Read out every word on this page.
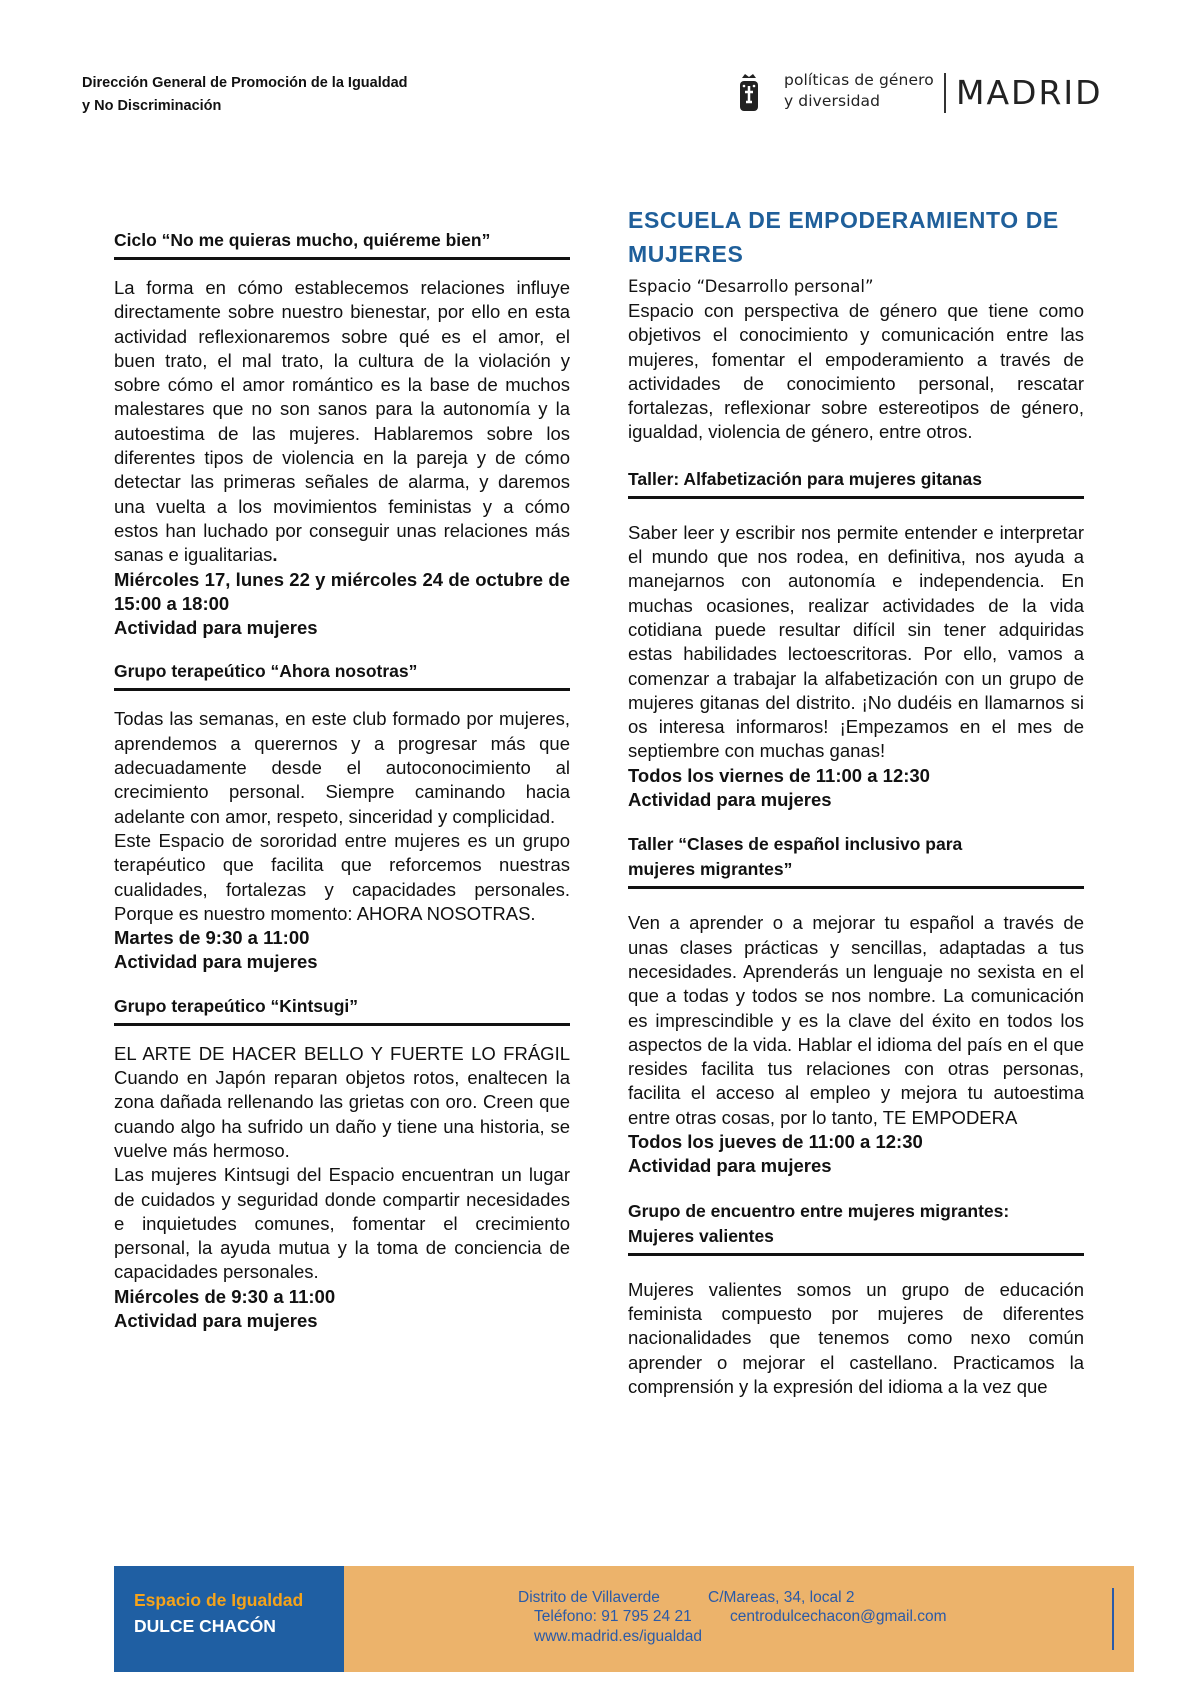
Dirección General de Promoción de la Igualdad
y No Discriminación
políticas de género
y diversidad	MADRID

Ciclo “No me quieras mucho, quiéreme bien”

La forma en cómo establecemos relaciones influye directamente sobre nuestro bienestar, por ello en esta actividad reflexionaremos sobre qué es el amor, el buen trato, el mal trato, la cultura de la violación y sobre cómo el amor romántico es la base de muchos malestares que no son sanos para la autonomía y la autoestima de las mujeres. Hablaremos sobre los diferentes tipos de violencia en la pareja y de cómo detectar las primeras señales de alarma, y daremos una vuelta a los movimientos feministas y a cómo estos han luchado por conseguir unas relaciones más sanas e igualitarias.

Miércoles 17, lunes 22 y miércoles 24 de octubre de 15:00 a 18:00

Actividad para mujeres

Grupo terapeútico “Ahora nosotras”

Todas las semanas, en este club formado por mujeres, aprendemos a querernos y a progresar más que adecuadamente desde el autoconocimiento al crecimiento personal. Siempre caminando hacia adelante con amor, respeto, sinceridad y complicidad.

Este Espacio de sororidad entre mujeres es un grupo terapéutico que facilita que reforcemos nuestras cualidades, fortalezas y capacidades personales. Porque es nuestro momento: AHORA NOSOTRAS.

Martes de 9:30 a 11:00

Actividad para mujeres

Grupo terapeútico “Kintsugi”

EL ARTE DE HACER BELLO Y FUERTE LO FRÁGIL Cuando en Japón reparan objetos rotos, enaltecen la zona dañada rellenando las grietas con oro. Creen que cuando algo ha sufrido un daño y tiene una historia, se vuelve más hermoso.

Las mujeres Kintsugi del Espacio encuentran un lugar de cuidados y seguridad donde compartir necesidades e inquietudes comunes, fomentar el crecimiento personal, la ayuda mutua y la toma de conciencia de capacidades personales.

Miércoles de 9:30 a 11:00

Actividad para mujeres

ESCUELA DE EMPODERAMIENTO DE MUJERES

Espacio “Desarrollo personal”

Espacio con perspectiva de género que tiene como objetivos el conocimiento y comunicación entre las mujeres, fomentar el empoderamiento a través de actividades de conocimiento personal, rescatar fortalezas, reflexionar sobre estereotipos de género, igualdad, violencia de género, entre otros.

Taller: Alfabetización para mujeres gitanas

Saber leer y escribir nos permite entender e interpretar el mundo que nos rodea, en definitiva, nos ayuda a manejarnos con autonomía e independencia. En muchas ocasiones, realizar actividades de la vida cotidiana puede resultar difícil sin tener adquiridas estas habilidades lectoescritoras. Por ello, vamos a comenzar a trabajar la alfabetización con un grupo de mujeres gitanas del distrito. ¡No dudéis en llamarnos si os interesa informaros! ¡Empezamos en el mes de septiembre con muchas ganas!

Todos los viernes de 11:00 a 12:30

Actividad para mujeres

Taller “Clases de español inclusivo para mujeres migrantes”

Ven a aprender o a mejorar tu español a través de unas clases prácticas y sencillas, adaptadas a tus necesidades. Aprenderás un lenguaje no sexista en el que a todas y todos se nos nombre. La comunicación es imprescindible y es la clave del éxito en todos los aspectos de la vida. Hablar el idioma del país en el que resides facilita tus relaciones con otras personas, facilita el acceso al empleo y mejora tu autoestima entre otras cosas, por lo tanto, TE EMPODERA

Todos los jueves de 11:00 a 12:30

Actividad para mujeres

Grupo de encuentro entre mujeres migrantes: Mujeres valientes

Mujeres valientes somos un grupo de educación feminista compuesto por mujeres de diferentes nacionalidades que tenemos como nexo común aprender o mejorar el castellano. Practicamos la comprensión y la expresión del idioma a la vez que

Espacio de Igualdad
DULCE CHACÓN
Distrito de Villaverde	C/Mareas, 34, local 2
Teléfono: 91 795 24 21 centrodulcechacon@gmail.com
www.madrid.es/igualdad
